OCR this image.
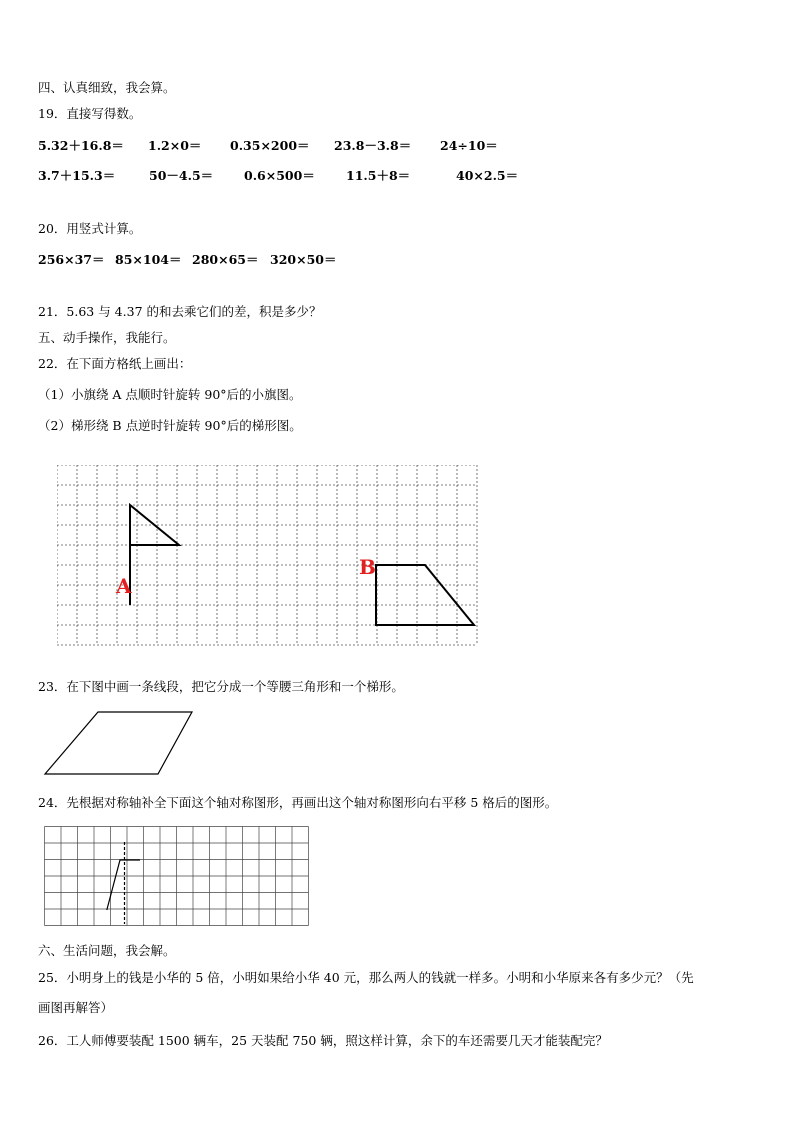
四、认真细致，我会算。
19．直接写得数。
5.32＋16.8＝ 1.2×0＝ 0.35×200＝ 23.8－3.8＝ 24÷10＝
3.7＋15.3＝	50－4.5＝ 0.6×500＝ 11.5＋8＝	40×2.5＝
20．用竖式计算。
256×37＝ 85×104＝ 280×65＝ 320×50＝
21．5.63 与 4.37 的和去乘它们的差，积是多少？
五、动手操作，我能行。
22．在下面方格纸上画出：
（1）小旗绕 A 点顺时针旋转 90°后的小旗图。
（2）梯形绕 B 点逆时针旋转 90°后的梯形图。
A
B
23．在下图中画一条线段，把它分成一个等腰三角形和一个梯形。
24．先根据对称轴补全下面这个轴对称图形，再画出这个轴对称图形向右平移 5 格后的图形。
六、生活问题，我会解。
25．小明身上的钱是小华的 5 倍，小明如果给小华 40 元，那么两人的钱就一样多。小明和小华原来各有多少元？（先
画图再解答）
26．工人师傅要装配 1500 辆车，25 天装配 750 辆，照这样计算，余下的车还需要几天才能装配完？
